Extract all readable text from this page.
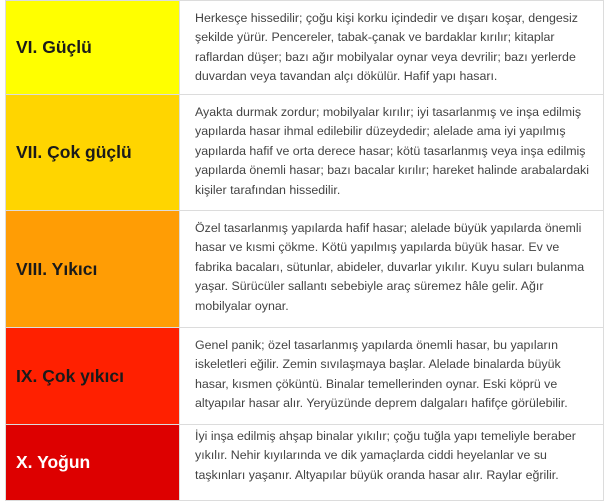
VI. Güçlü	Herkesçe hissedilir; çoğu kişi korku içindedir ve dışarı koşar, dengesiz şekilde yürür. Pencereler, tabak-çanak ve bardaklar kırılır; kitaplar raflardan düşer; bazı ağır mobilyalar oynar veya devrilir; bazı yerlerde duvardan veya tavandan alçı dökülür. Hafif yapı hasarı.

VII. Çok güçlü	Ayakta durmak zordur; mobilyalar kırılır; iyi tasarlanmış ve inşa edilmiş yapılarda hasar ihmal edilebilir düzeydedir; alelade ama iyi yapılmış yapılarda hafif ve orta derece hasar; kötü tasarlanmış veya inşa edilmiş yapılarda önemli hasar; bazı bacalar kırılır; hareket halinde arabalardaki kişiler tarafından hissedilir.

VIII. Yıkıcı	Özel tasarlanmış yapılarda hafif hasar; alelade büyük yapılarda önemli hasar ve kısmi çökme. Kötü yapılmış yapılarda büyük hasar. Ev ve fabrika bacaları, sütunlar, abideler, duvarlar yıkılır. Kuyu suları bulanma yaşar. Sürücüler sallantı sebebiyle araç süremez hâle gelir. Ağır mobilyalar oynar.

IX. Çok yıkıcı	Genel panik; özel tasarlanmış yapılarda önemli hasar, bu yapıların iskeletleri eğilir. Zemin sıvılaşmaya başlar. Alelade binalarda büyük hasar, kısmen çöküntü. Binalar temellerinden oynar. Eski köprü ve altyapılar hasar alır. Yeryüzünde deprem dalgaları hafifçe görülebilir.

X. Yoğun	İyi inşa edilmiş ahşap binalar yıkılır; çoğu tuğla yapı temeliyle beraber yıkılır. Nehir kıyılarında ve dik yamaçlarda ciddi heyelanlar ve su taşkınları yaşanır. Altyapılar büyük oranda hasar alır. Raylar eğrilir.
